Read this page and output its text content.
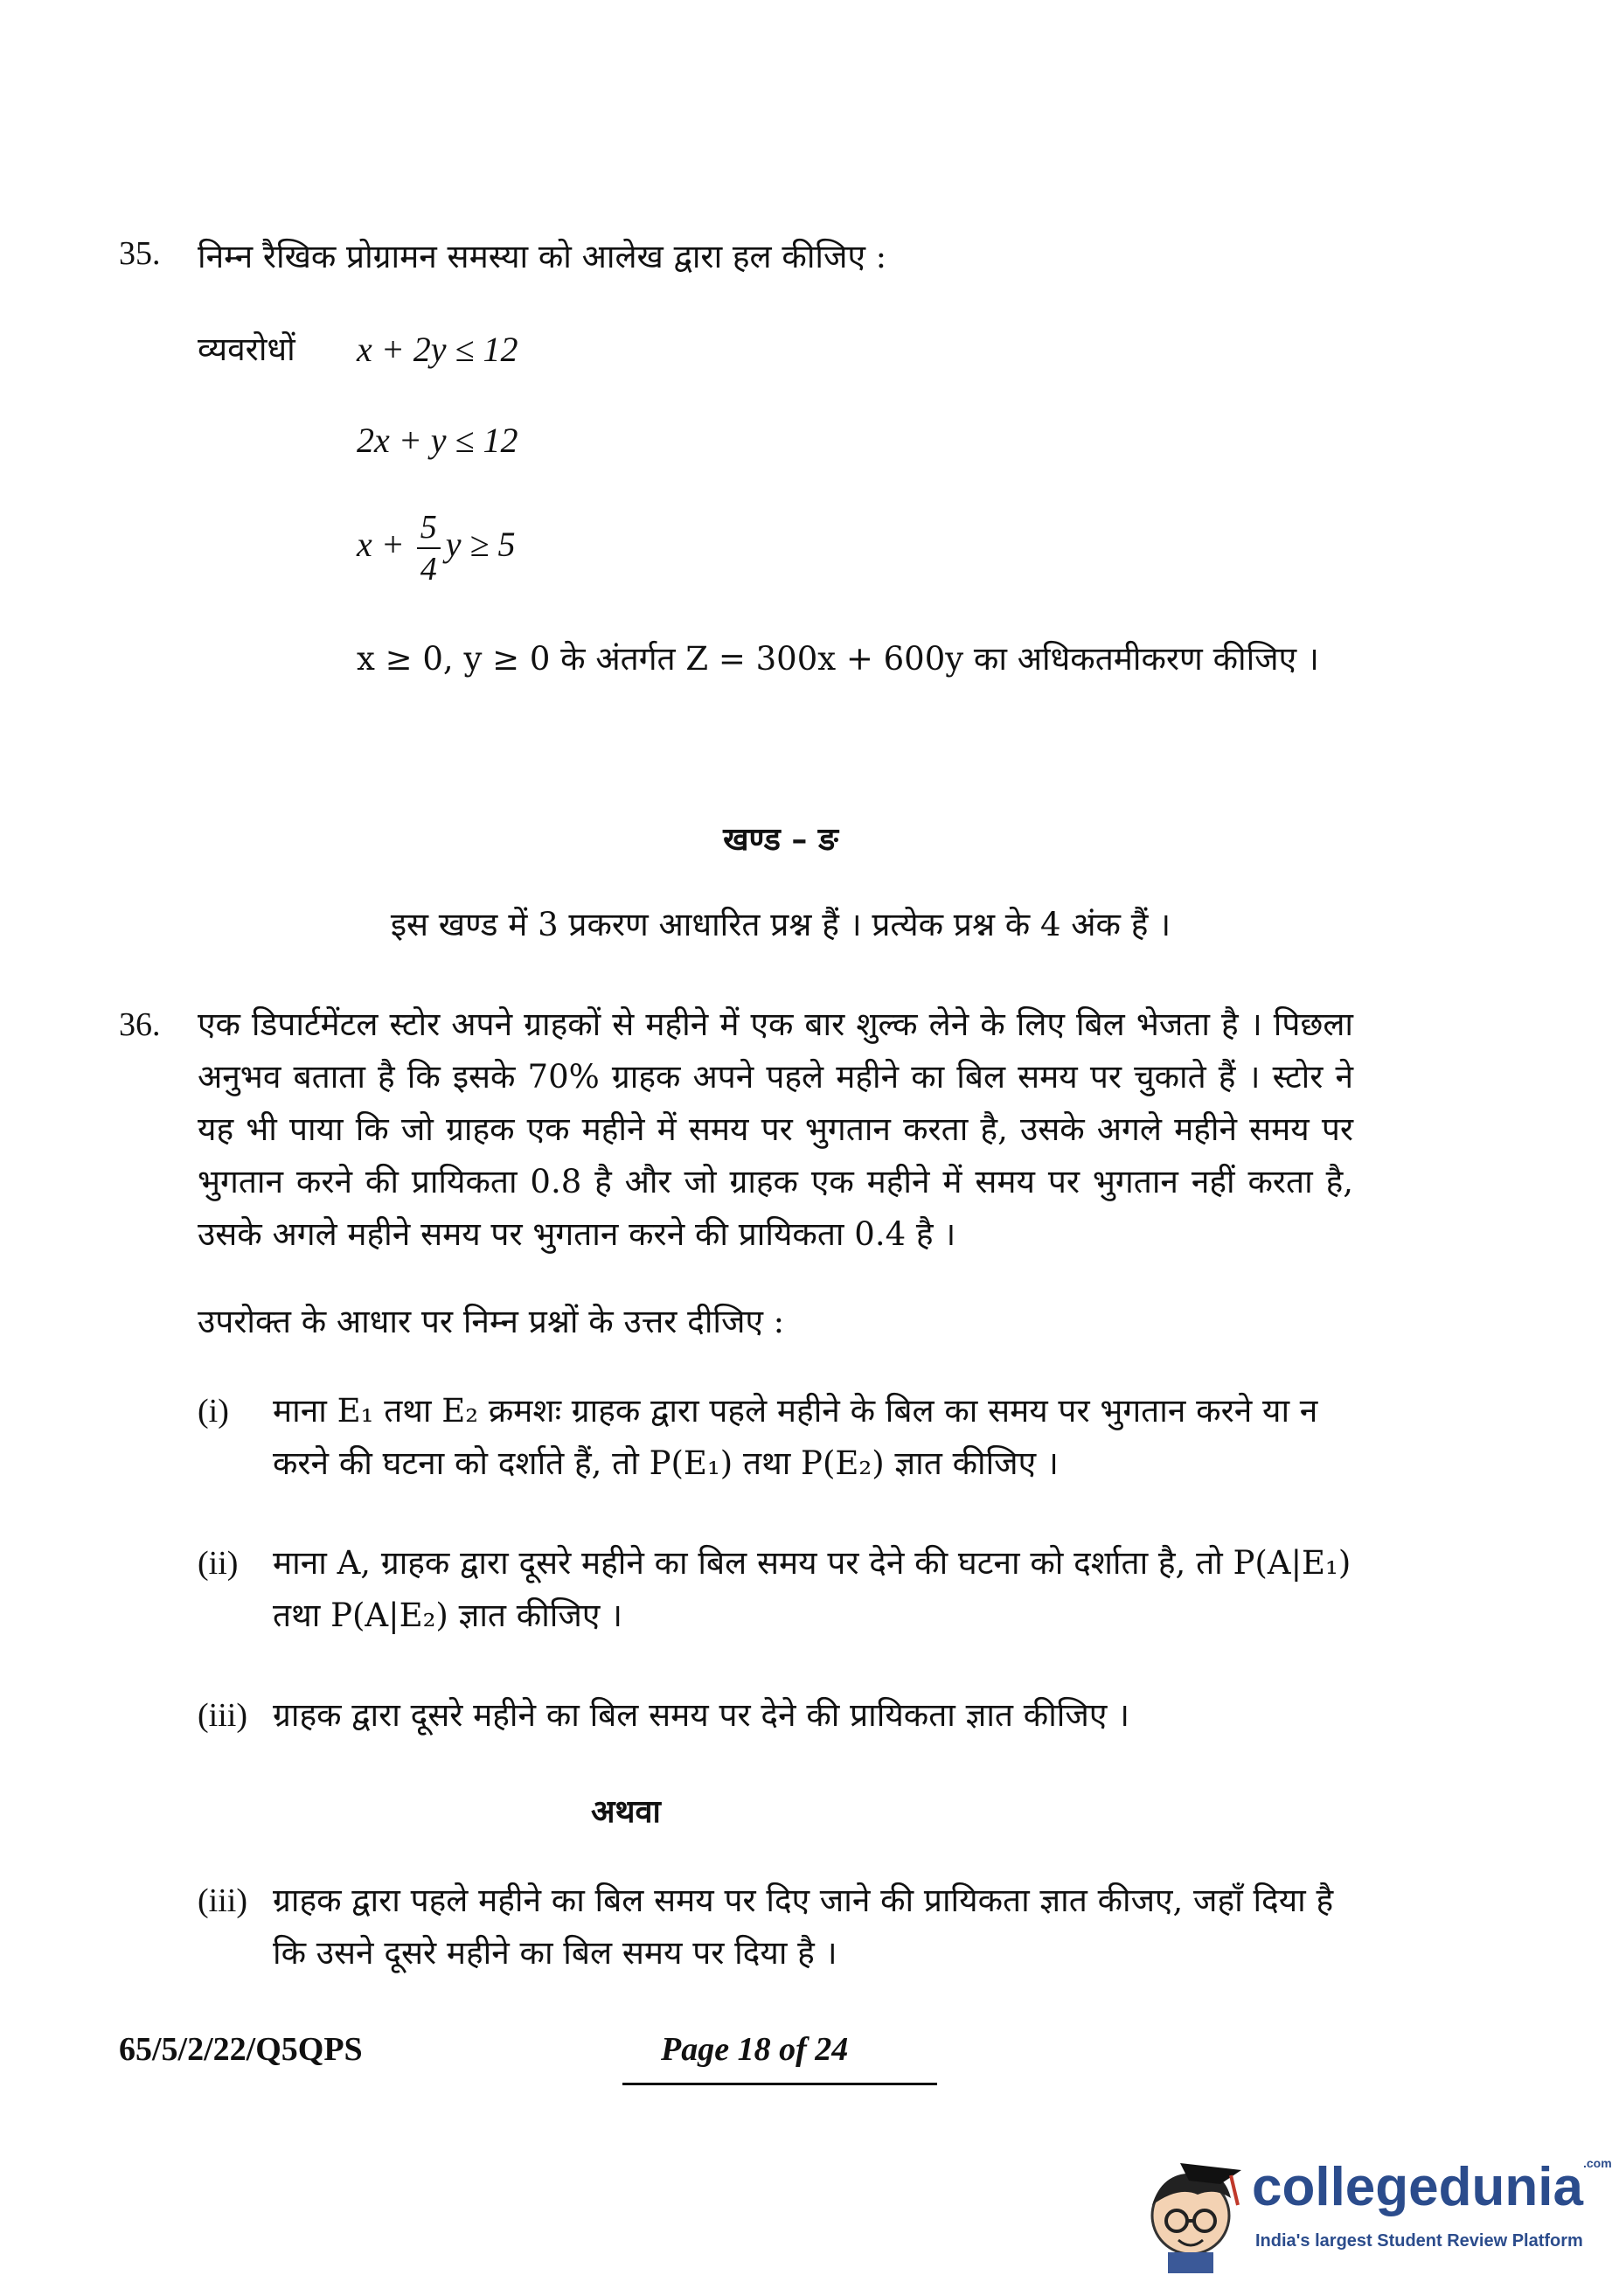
35. निम्न रैखिक प्रोग्रामन समस्या को आलेख द्वारा हल कीजिए :
व्यवरोधों x + 2y ≤ 12
2x + y ≤ 12
$x + \frac{5}{4}$ y ≥ 5
x ≥ 0, y ≥ 0 के अंतर्गत Z = 300x + 600y का अधिकतमीकरण कीजिए ।
खण्ड – ङ
इस खण्ड में 3 प्रकरण आधारित प्रश्न हैं । प्रत्येक प्रश्न के 4 अंक हैं ।
36. एक डिपार्टमेंटल स्टोर अपने ग्राहकों से महीने में एक बार शुल्क लेने के लिए बिल भेजता है । पिछला अनुभव बताता है कि इसके 70% ग्राहक अपने पहले महीने का बिल समय पर चुकाते हैं । स्टोर ने यह भी पाया कि जो ग्राहक एक महीने में समय पर भुगतान करता है, उसके अगले महीने समय पर भुगतान करने की प्रायिकता 0.8 है और जो ग्राहक एक महीने में समय पर भुगतान नहीं करता है, उसके अगले महीने समय पर भुगतान करने की प्रायिकता 0.4 है ।
उपरोक्त के आधार पर निम्न प्रश्नों के उत्तर दीजिए :
(i) माना E₁ तथा E₂ क्रमशः ग्राहक द्वारा पहले महीने के बिल का समय पर भुगतान करने या न करने की घटना को दर्शाते हैं, तो P(E₁) तथा P(E₂) ज्ञात कीजिए ।
(ii) माना A, ग्राहक द्वारा दूसरे महीने का बिल समय पर देने की घटना को दर्शाता है, तो P(A|E₁) तथा P(A|E₂) ज्ञात कीजिए ।
(iii) ग्राहक द्वारा दूसरे महीने का बिल समय पर देने की प्रायिकता ज्ञात कीजिए ।
अथवा
(iii) ग्राहक द्वारा पहले महीने का बिल समय पर दिए जाने की प्रायिकता ज्ञात कीजए, जहाँ दिया है कि उसने दूसरे महीने का बिल समय पर दिया है ।
65/5/2/22/Q5QPS	Page 18 of 24
collegedunia.com
India's largest Student Review Platform
